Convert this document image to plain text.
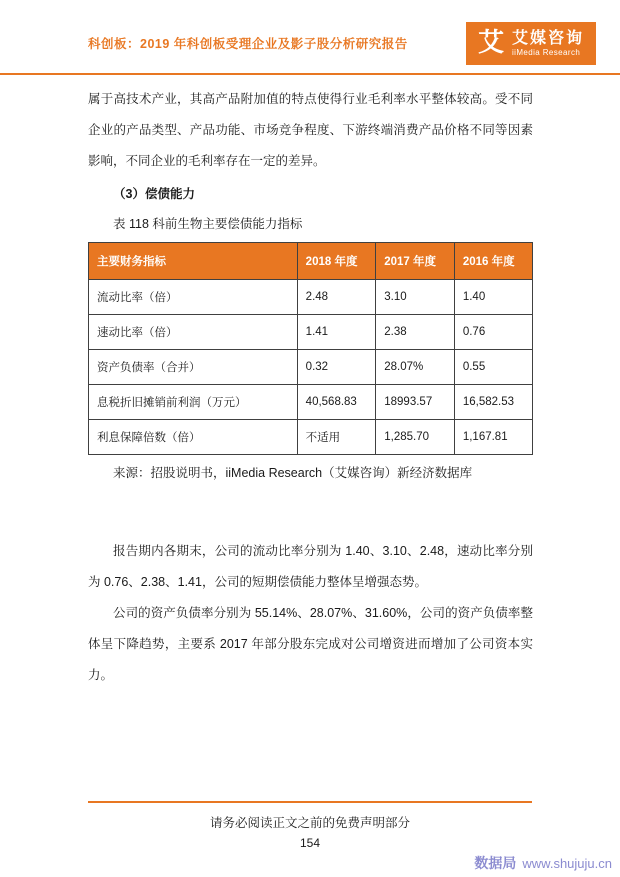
科创板：2019 年科创板受理企业及影子股分析研究报告	艾 艾媒咨询
iiMedia Research

属于高技术产业，其高产品附加值的特点使得行业毛利率水平整体较高。受不同企业的产品类型、产品功能、市场竞争程度、下游终端消费产品价格不同等因素影响，不同企业的毛利率存在一定的差异。

（3）偿债能力
表 118 科前生物主要偿债能力指标
主要财务指标	2018 年度	2017 年度	2016 年度
流动比率（倍）	2.48	3.10	1.40
速动比率（倍）	1.41	2.38	0.76
资产负债率（合并）	0.32	28.07%	0.55
息税折旧摊销前利润（万元）	40,568.83	18993.57	16,582.53
利息保障倍数（倍）	不适用	1,285.70	1,167.81
来源：招股说明书，iiMedia Research（艾媒咨询）新经济数据库

报告期内各期末，公司的流动比率分别为 1.40、3.10、2.48，速动比率分别为 0.76、2.38、1.41，公司的短期偿债能力整体呈增强态势。

公司的资产负债率分别为 55.14%、28.07%、31.60%，公司的资产负债率整体呈下降趋势，主要系 2017 年部分股东完成对公司增资进而增加了公司资本实力。

请务必阅读正文之前的免费声明部分
154
数据局 www.shujuju.cn
